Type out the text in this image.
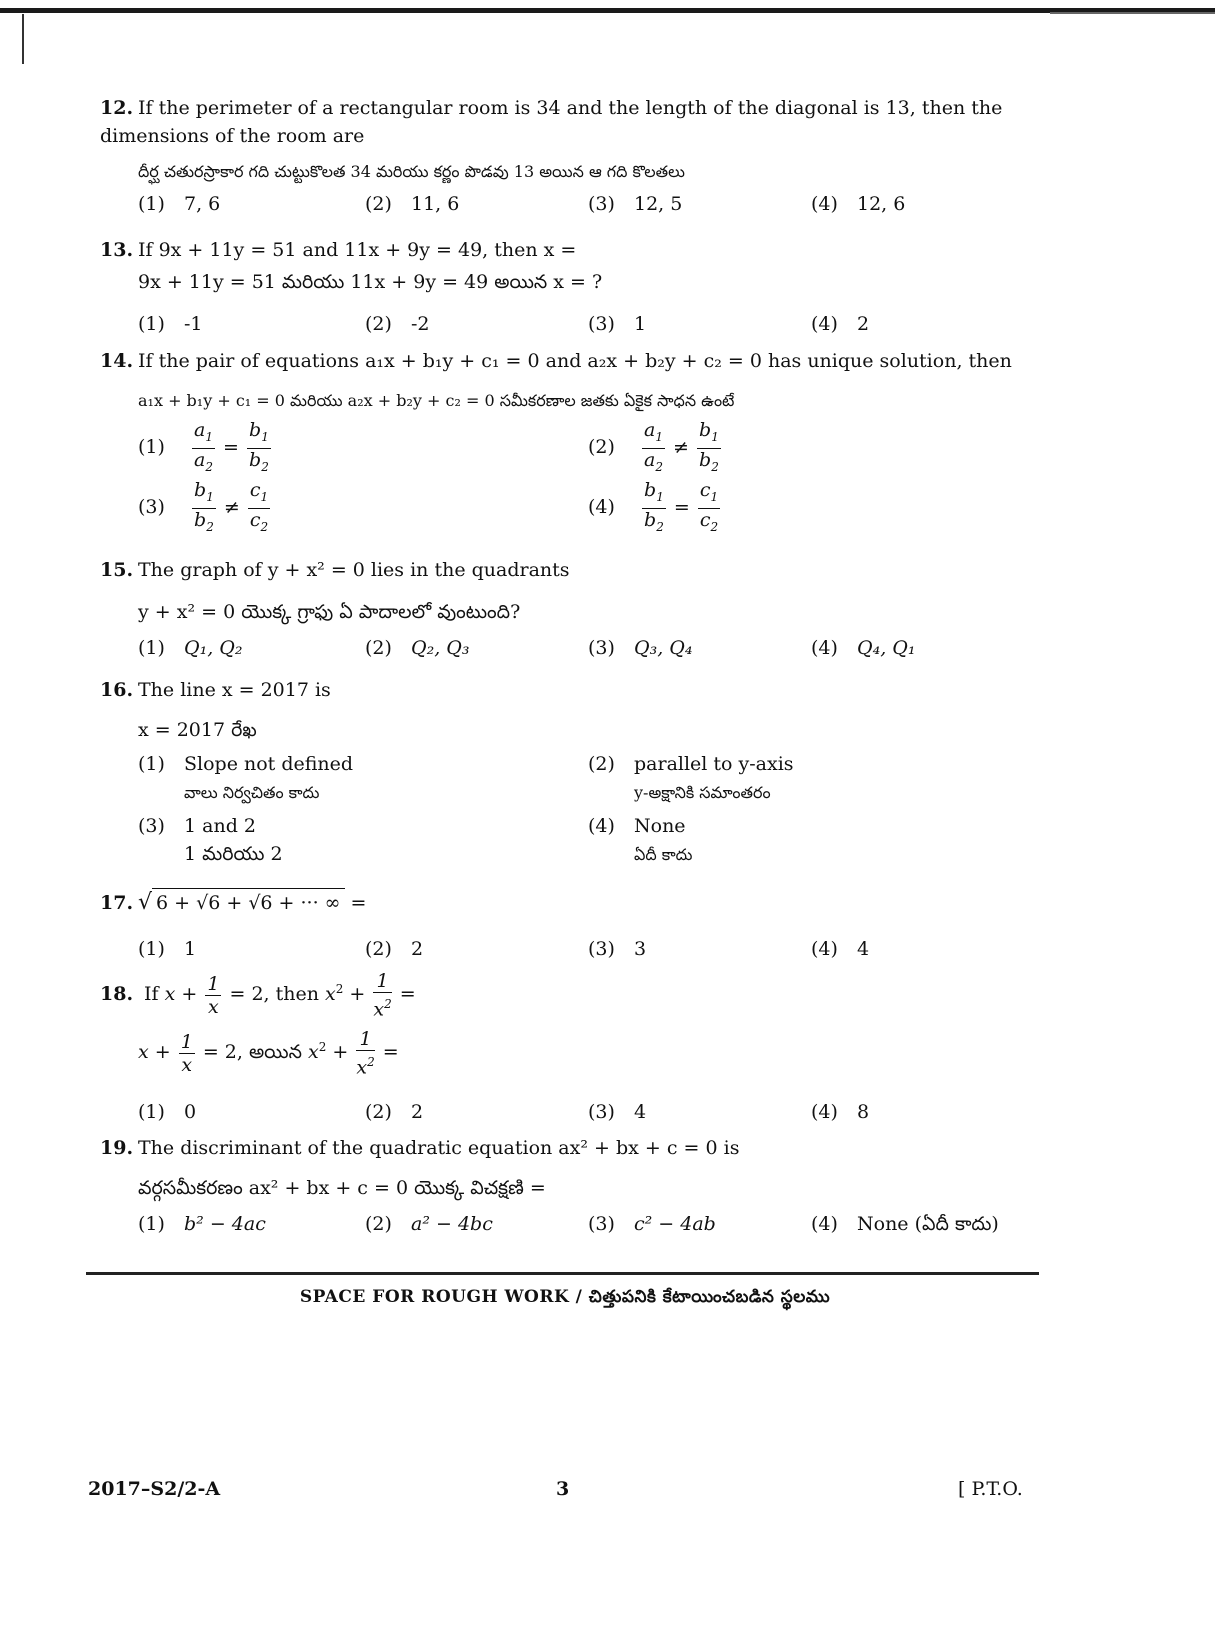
12. If the perimeter of a rectangular room is 34 and the length of the diagonal is 13, then the dimensions of the room are
దీర్ఘ చతురస్రాకార గది చుట్టుకొలత 34 మరియు కర్ణం పొడవు 13 అయిన ఆ గది కొలతలు
(1) 7, 6	(2) 11, 6	(3) 12, 5	(4) 12, 6
13. If 9x + 11y = 51 and 11x + 9y = 49, then x =
9x + 11y = 51 మరియు 11x + 9y = 49 అయిన x = ?
(1) -1	(2) -2	(3) 1	(4) 2
14. If the pair of equations a₁x + b₁y + c₁ = 0 and a₂x + b₂y + c₂ = 0 has unique solution, then
a₁x + b₁y + c₁ = 0 మరియు a₂x + b₂y + c₂ = 0 సమీకరణాల జతకు ఏకైక సాధన ఉంటే
$(1) \frac{a_1}{a_2} = \frac{b_1}{b_2}$	$(2) \frac{a_1}{a_2} \ne \frac{b_1}{b_2}$
$(3) \frac{b_1}{b_2} \ne \frac{c_1}{c_2}$	$(4) \frac{b_1}{b_2} = \frac{c_1}{c_2}$
15. The graph of y + x² = 0 lies in the quadrants
y + x² = 0 యొక్క గ్రాఫు ఏ పాదాలలో వుంటుంది?
(1) Q₁, Q₂	(2) Q₂, Q₃	(3) Q₃, Q₄	(4) Q₄, Q₁
16. The line x = 2017 is
x = 2017 రేఖ
(1) Slope not defined
వాలు నిర్వచితం కాదు
(2) parallel to y-axis
y-అక్షానికి సమాంతరం
(3) 1 and 2
1 మరియు 2
(4) None
ఏదీ కాదు
17. √ 6 + √6 + √6 + ··· ∞ =
(1) 1	(2) 2	(3) 3	(4) 4
18. If $x + \frac{1}{x} = 2$, then $x^2 + \frac{1}{x^2}$ =
$x + \frac{1}{x} = 2$, అయిన $x^2 + \frac{1}{x^2}$ =
(1) 0	(2) 2	(3) 4	(4) 8
19. The discriminant of the quadratic equation ax² + bx + c = 0 is
వర్గసమీకరణం ax² + bx + c = 0 యొక్క విచక్షణి =
(1) b² − 4ac	(2) a² − 4bc	(3) c² − 4ab	(4) None (ఏదీ కాదు)
SPACE FOR ROUGH WORK / చిత్తుపనికి కేటాయించబడిన స్థలము
2017–S2/2-A	3	[ P.T.O.
